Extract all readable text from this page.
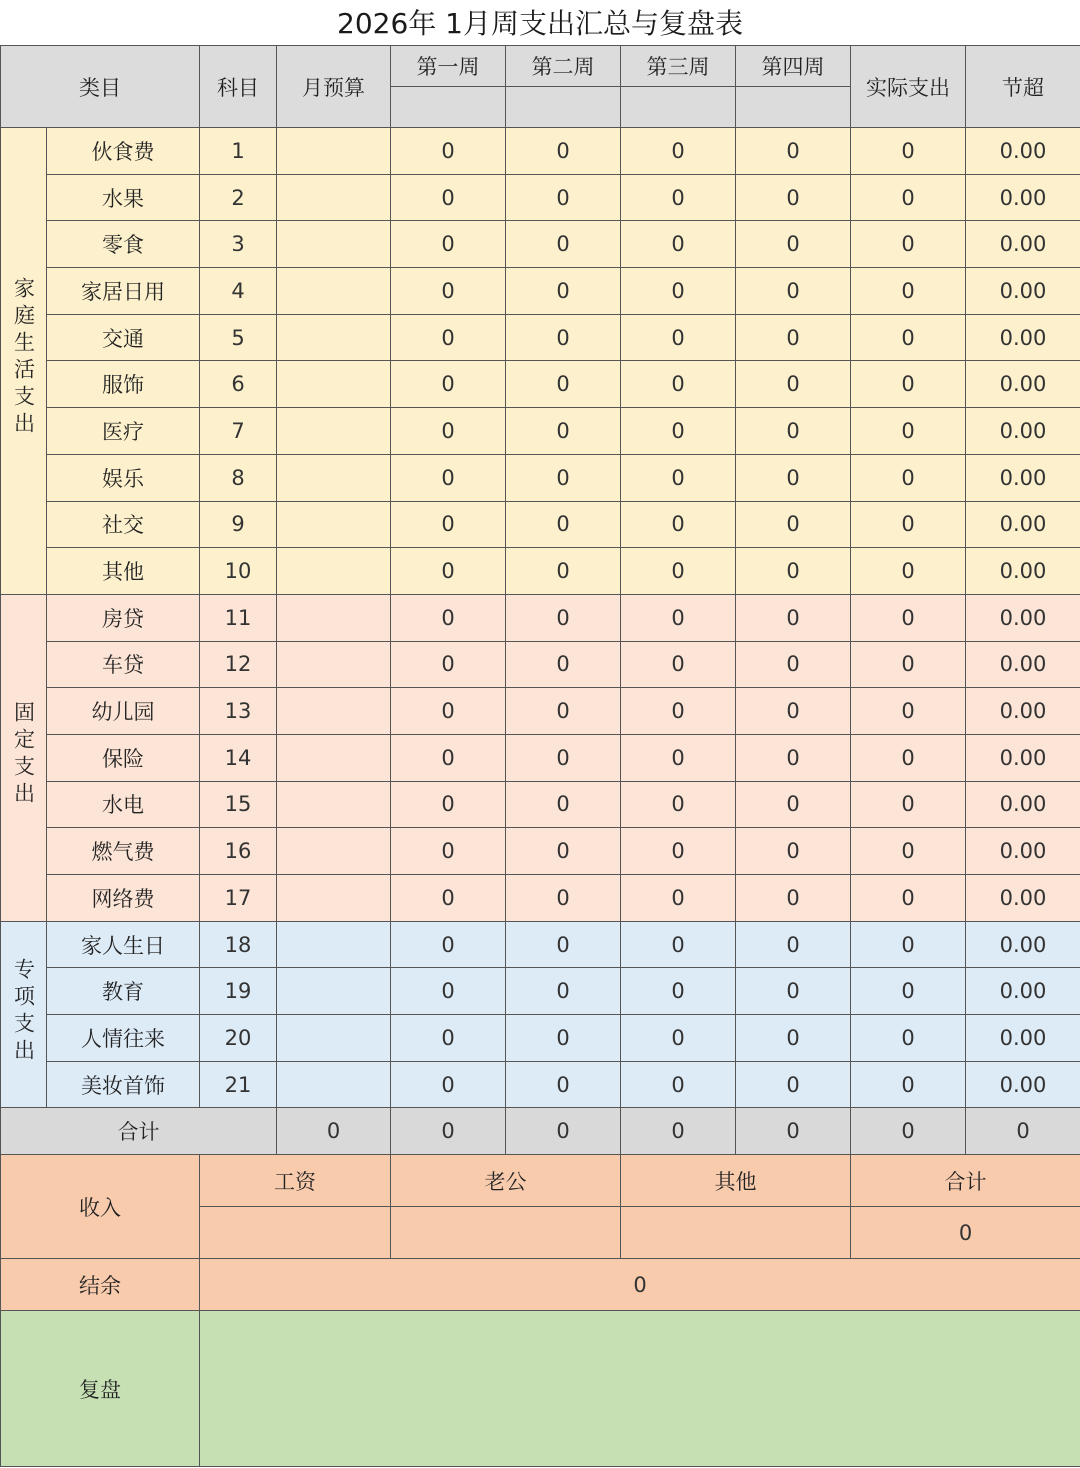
2026年 1月周支出汇总与复盘表
类目		科目	月预算	第一周	第二周	第三周	第四周	实际支出	节超

家庭生活支出	伙食费	1		0	0	0	0	0	0.00
	水果	2		0	0	0	0	0	0.00
	零食	3		0	0	0	0	0	0.00
	家居日用	4		0	0	0	0	0	0.00
	交通	5		0	0	0	0	0	0.00
	服饰	6		0	0	0	0	0	0.00
	医疗	7		0	0	0	0	0	0.00
	娱乐	8		0	0	0	0	0	0.00
	社交	9		0	0	0	0	0	0.00
	其他	10		0	0	0	0	0	0.00
固定支出	房贷	11		0	0	0	0	0	0.00
	车贷	12		0	0	0	0	0	0.00
	幼儿园	13		0	0	0	0	0	0.00
	保险	14		0	0	0	0	0	0.00
	水电	15		0	0	0	0	0	0.00
	燃气费	16		0	0	0	0	0	0.00
	网络费	17		0	0	0	0	0	0.00
专项支出	家人生日	18		0	0	0	0	0	0.00
	教育	19		0	0	0	0	0	0.00
	人情往来	20		0	0	0	0	0	0.00
	美妆首饰	21		0	0	0	0	0	0.00
合计			0	0	0	0	0	0	0
收入		工资		老公		其他		合计	
								0	
结余		0							
复盘									
